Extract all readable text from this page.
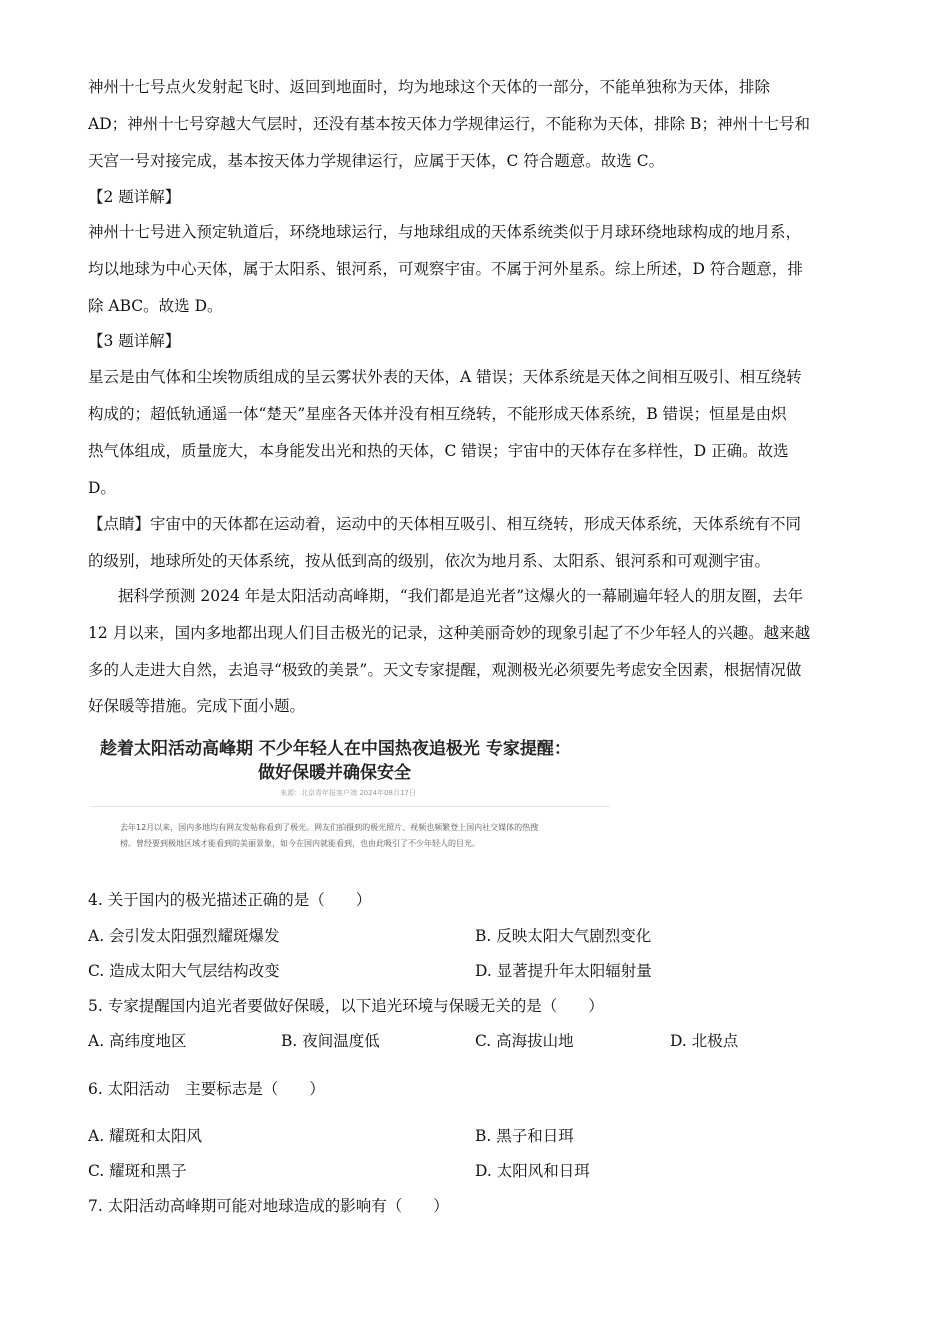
神州十七号点火发射起飞时、返回到地面时，均为地球这个天体的一部分，不能单独称为天体，排除
AD；神州十七号穿越大气层时，还没有基本按天体力学规律运行，不能称为天体，排除 B；神州十七号和
天宫一号对接完成，基本按天体力学规律运行，应属于天体，C 符合题意。故选 C。
【2 题详解】
神州十七号进入预定轨道后，环绕地球运行，与地球组成的天体系统类似于月球环绕地球构成的地月系，
均以地球为中心天体，属于太阳系、银河系，可观察宇宙。不属于河外星系。综上所述，D 符合题意，排
除 ABC。故选 D。
【3 题详解】
星云是由气体和尘埃物质组成的呈云雾状外表的天体，A 错误；天体系统是天体之间相互吸引、相互绕转
构成的；超低轨通遥一体“楚天”星座各天体并没有相互绕转，不能形成天体系统，B 错误；恒星是由炽
热气体组成，质量庞大，本身能发出光和热的天体，C 错误；宇宙中的天体存在多样性，D 正确。故选
D。
【点睛】宇宙中的天体都在运动着，运动中的天体相互吸引、相互绕转，形成天体系统，天体系统有不同
的级别，地球所处的天体系统，按从低到高的级别，依次为地月系、太阳系、银河系和可观测宇宙。
据科学预测 2024 年是太阳活动高峰期，“我们都是追光者”这爆火的一幕刷遍年轻人的朋友圈，去年
12 月以来，国内多地都出现人们目击极光的记录，这种美丽奇妙的现象引起了不少年轻人的兴趣。越来越
多的人走进大自然，去追寻“极致的美景”。天文专家提醒，观测极光必须要先考虑安全因素，根据情况做
好保暖等措施。完成下面小题。
趁着太阳活动高峰期 不少年轻人在中国热夜追极光 专家提醒：
做好保暖并确保安全
来源：北京青年报客户端 2024年08月17日
去年12月以来，国内多地均有网友发帖称看到了极光。网友们拍摄到的极光照片、视频也频繁登上国内社交媒体的热搜
榜。曾经要到极地区域才能看到的美丽景象，如今在国内就能看到，也由此吸引了不少年轻人的目光。
4. 关于国内的极光描述正确的是（　　）
A. 会引发太阳强烈耀斑爆发	B. 反映太阳大气剧烈变化
C. 造成太阳大气层结构改变	D. 显著提升年太阳辐射量
5. 专家提醒国内追光者要做好保暖，以下追光环境与保暖无关的是（　　）
A. 高纬度地区	B. 夜间温度低	C. 高海拔山地	D. 北极点
6. 太阳活动　主要标志是（　　）
A. 耀斑和太阳风	B. 黑子和日珥
C. 耀斑和黑子	D. 太阳风和日珥
7. 太阳活动高峰期可能对地球造成的影响有（　　）
